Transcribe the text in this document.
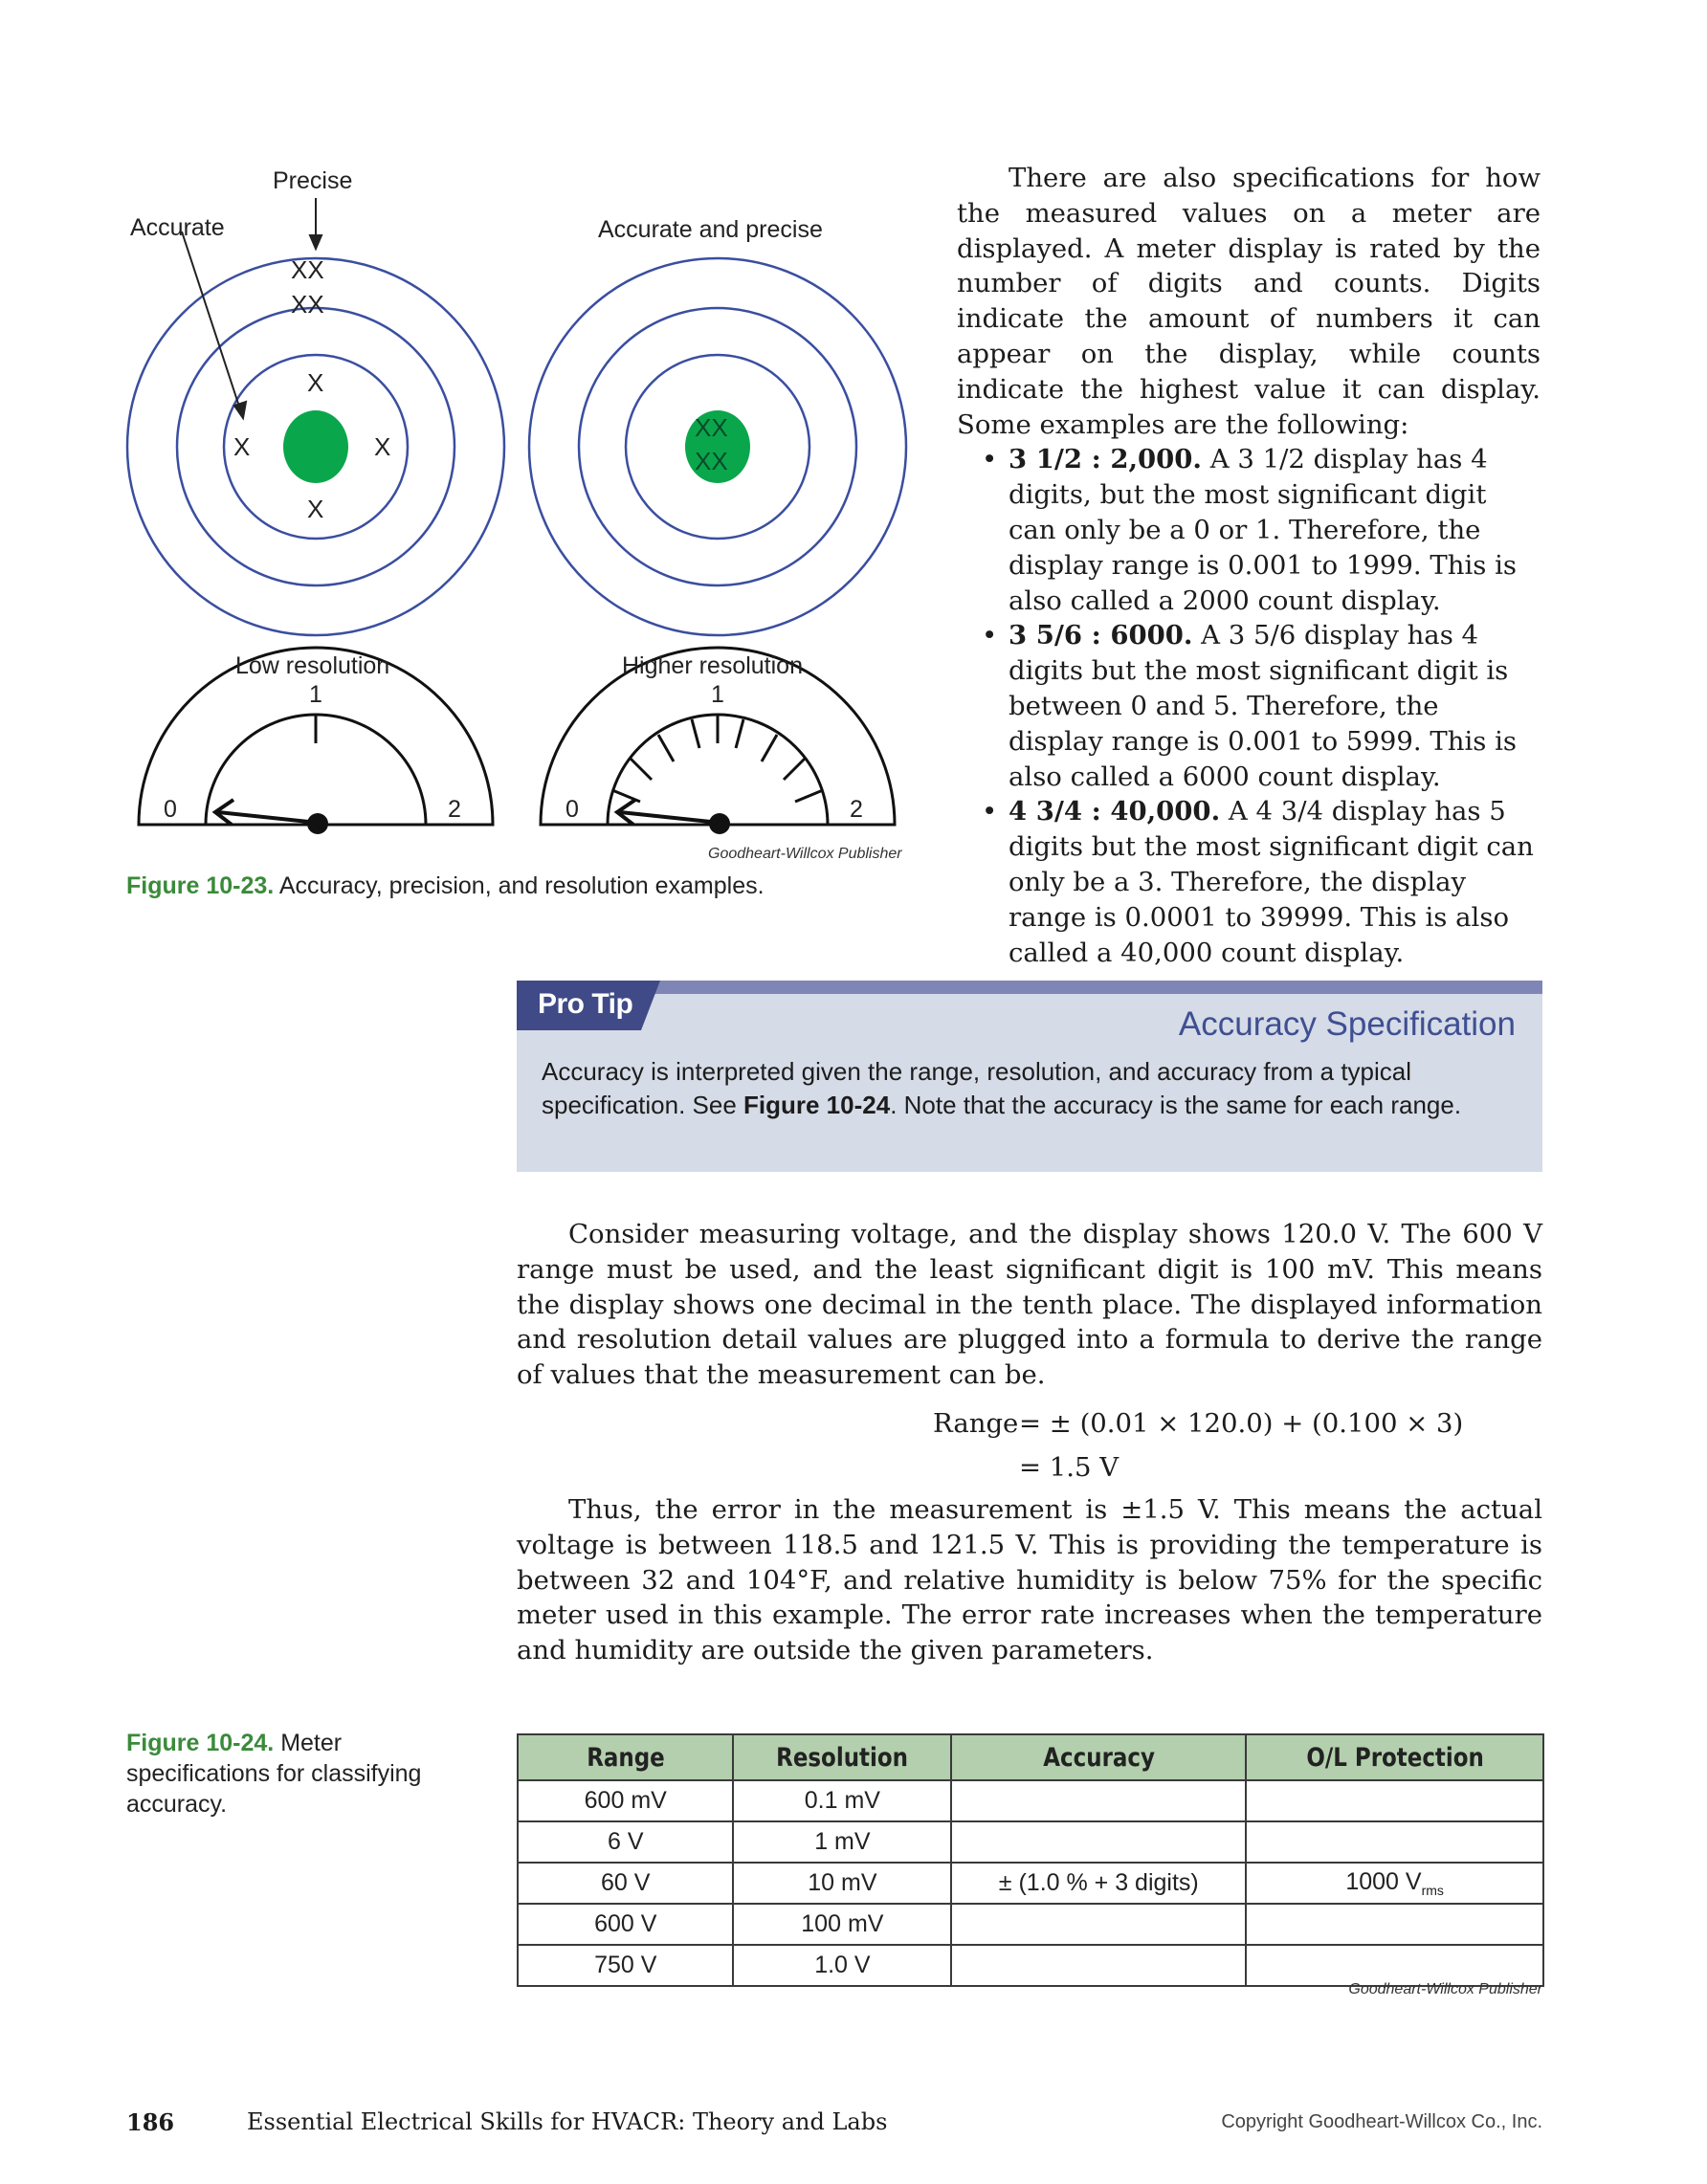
Precise
Accurate	Accurate and precise
XX
XX
X
X	X
X
XX
XX
Low resolution	Higher resolution
0
1
2	0
1
2
Goodheart-Willcox Publisher
Figure 10-23. Accuracy, precision, and resolution examples.

There are also specifications for how the measured values on a meter are displayed. A meter display is rated by the number of digits and counts. Digits indicate the amount of numbers it can appear on the display, while counts indicate the highest value it can display. Some examples are the following:

• 3 1/2 : 2,000. A 3 1/2 display has 4 digits, but the most significant digit can only be a 0 or 1. Therefore, the display range is 0.001 to 1999. This is also called a 2000 count display.
• 3 5/6 : 6000. A 3 5/6 display has 4 digits but the most significant digit is between 0 and 5. Therefore, the display range is 0.001 to 5999. This is also called a 6000 count display.
• 4 3/4 : 40,000. A 4 3/4 display has 5 digits but the most significant digit can only be a 3. Therefore, the display range is 0.0001 to 39999. This is also called a 40,000 count display.
Pro Tip
Accuracy Specification
Accuracy is interpreted given the range, resolution, and accuracy from a typical specification. See Figure 10-24. Note that the accuracy is the same for each range.

Consider measuring voltage, and the display shows 120.0 V. The 600 V range must be used, and the least significant digit is 100 mV. This means the display shows one decimal in the tenth place. The displayed information and resolution detail values are plugged into a formula to derive the range of values that the measurement can be.

Range = ± (0.01 × 120.0) + (0.100 × 3)
= 1.5 V

Thus, the error in the measurement is ±1.5 V. This means the actual voltage is between 118.5 and 121.5 V. This is providing the temperature is between 32 and 104°F, and relative humidity is below 75% for the specific meter used in this example. The error rate increases when the temperature and humidity are outside the given parameters.

Figure 10-24. Meter specifications for classifying accuracy.
Range	Resolution	Accuracy	O/L Protection
600 mV	0.1 mV		
6 V	1 mV		
60 V	10 mV	± (1.0 % + 3 digits)	1000 $V_{rms}$
600 V	100 mV		
750 V	1.0 V		
Goodheart-Willcox Publisher
186	Essential Electrical Skills for HVACR: Theory and Labs	Copyright Goodheart-Willcox Co., Inc.
